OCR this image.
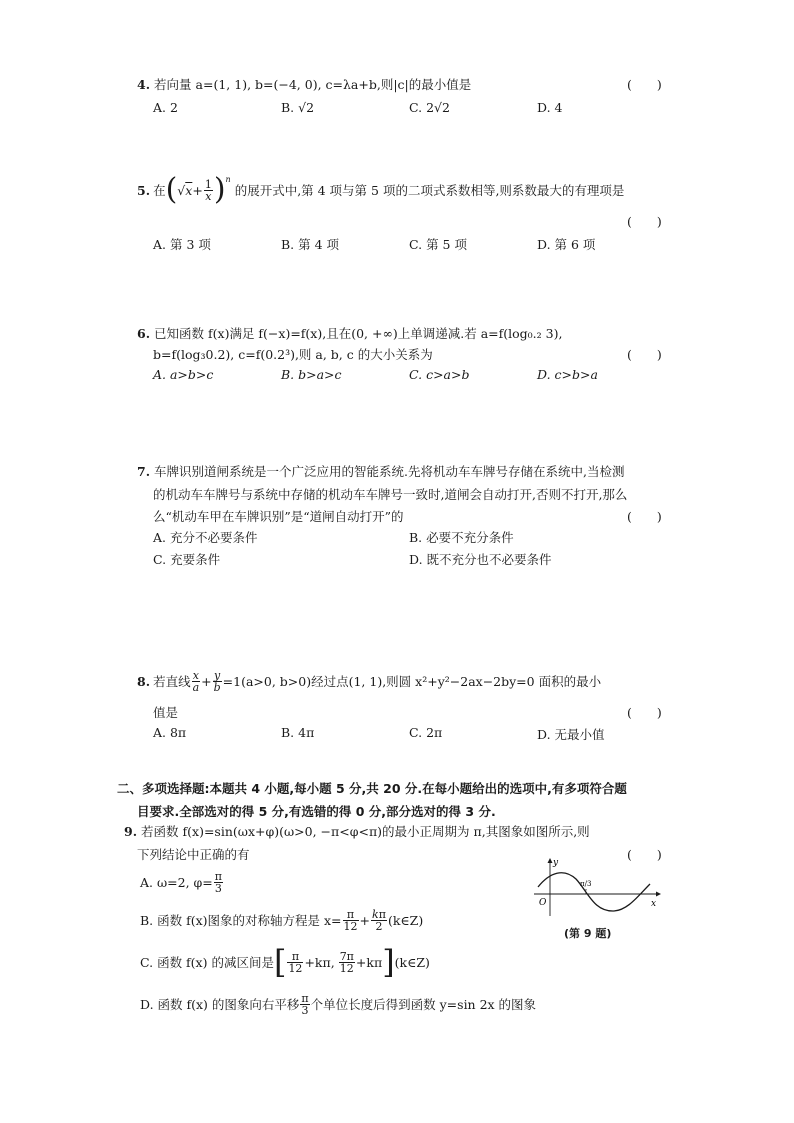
4. 若向量 a=(1, 1), b=(−4, 0), c=λa+b,则|c|的最小值是	(　　)
A. 2	B. √2	C. 2√2	D. 4
5. 在 ( $√x+ \frac{1}{x}$ ) $^n$
的展开式中,第 4 项与第 5 项的二项式系数相等,则系数最大的有理项是
(　　)
A. 第 3 项	B. 第 4 项	C. 第 5 项	D. 第 6 项
6. 已知函数 f(x)满足 f(−x)=f(x),且在(0, +∞)上单调递减.若 a=f(log₀.₂ 3),
b=f(log₃0.2), c=f(0.2³),则 a, b, c 的大小关系为	(　　)
A. a>b>c	B. b>a>c	C. c>a>b	D. c>b>a
7. 车牌识别道闸系统是一个广泛应用的智能系统.先将机动车车牌号存储在系统中,当检测
的机动车车牌号与系统中存储的机动车车牌号一致时,道闸会自动打开,否则不打开,那么
么“机动车甲在车牌识别”是“道闸自动打开”的	(　　)
A. 充分不必要条件	B. 必要不充分条件
C. 充要条件	D. 既不充分也不必要条件
8. 若直线 $\frac{x}{a} + \frac{y}{b} =1(a>0$, b>0)经过点(1, 1),则圆 x²+y²−2ax−2by=0 面积的最小
值是	(　　)
A. 8π	B. 4π	C. 2π	D. 无最小值
二、多项选择题:本题共 4 小题,每小题 5 分,共 20 分.在每小题给出的选项中,有多项符合题
目要求.全部选对的得 5 分,有选错的得 0 分,部分选对的得 3 分.
9. 若函数 f(x)=sin(ωx+φ)(ω>0, −π<φ<π)的最小正周期为 π,其图象如图所示,则
下列结论中正确的有	(　　)
A. ω=2, $\varphi= \frac{\pi}{3}$
B. 函数 f(x)图象的对称轴方程是 $x= \frac{\pi}{12} + \frac{k\pi}{2}$ (k∈Z)
C. 函数 f(x) 的减区间是 [ $\frac{\pi}{12} +k\pi$, $\frac{7\pi}{12} +k\pi$ ] (k∈Z)
D. 函数 f(x) 的图象向右平移 $\frac{\pi}{3}$ 个单位长度后得到函数 y=sin 2x 的图象
y
x
O
π/3
(第 9 题)
